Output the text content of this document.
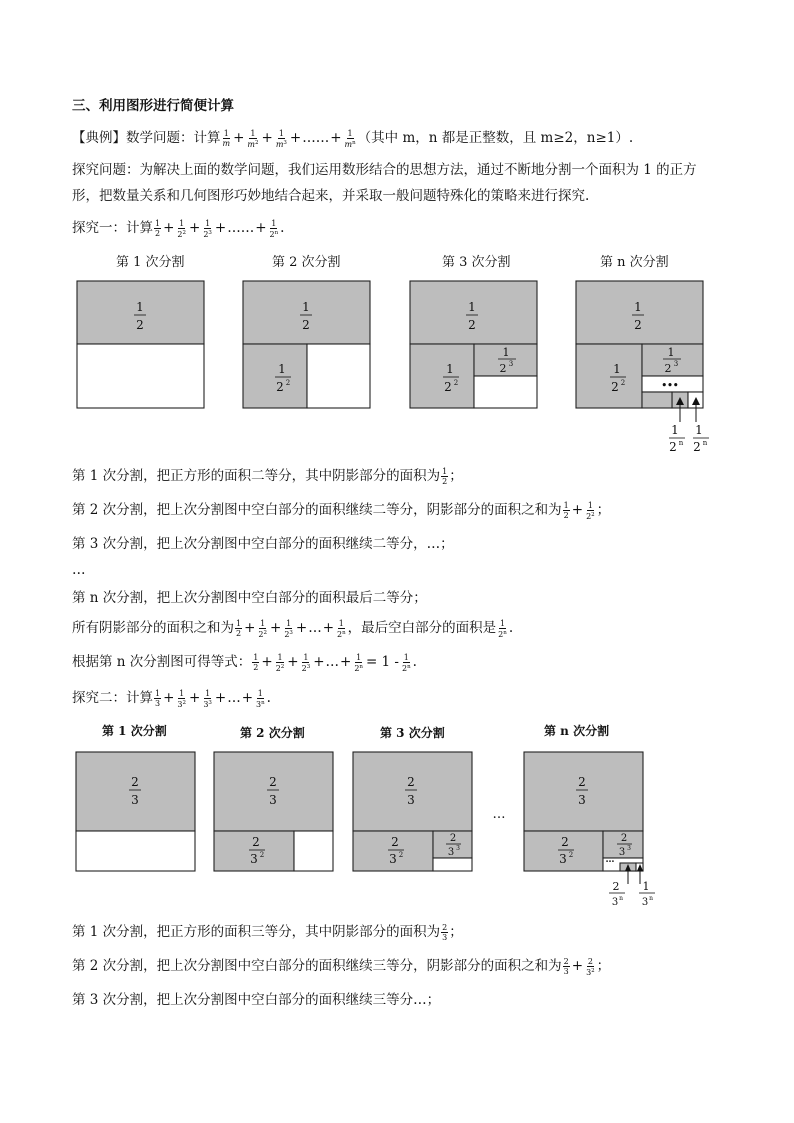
三、利用图形进行简便计算
【典例】数学问题：计算 $\frac{1}{m} + \frac{1}{m^2} + \frac{1}{m^3}$ +……+ $\frac{1}{m^n}$ （其中 m，n 都是正整数，且 m≥2，n≥1）.
探究问题：为解决上面的数学问题，我们运用数形结合的思想方法，通过不断地分割一个面积为 1 的正方
形，把数量关系和几何图形巧妙地结合起来，并采取一般问题特殊化的策略来进行探究.
探究一：计算 $\frac{1}{2} + \frac{1}{2^2} + \frac{1}{2^3}$ +……+ $\frac{1}{2^n}$ .
第 1 次分割	第 2 次分割	第 3 次分割	第 n 次分割
1
2
1
2
1
2 2
1
2
1
2 2
1
2 3
1
2
1
2 2
1
2 3
•••
1
2 n
1
2 n
第 1 次分割，把正方形的面积二等分，其中阴影部分的面积为 $\frac{1}{2}$ ；
第 2 次分割，把上次分割图中空白部分的面积继续二等分，阴影部分的面积之和为 $\frac{1}{2} + \frac{1}{2^2}$ ；
第 3 次分割，把上次分割图中空白部分的面积继续二等分，…；
…
第 n 次分割，把上次分割图中空白部分的面积最后二等分；
所有阴影部分的面积之和为 $\frac{1}{2} + \frac{1}{2^2} + \frac{1}{2^3}$ +…+ $\frac{1}{2^n}$ ，最后空白部分的面积是 $\frac{1}{2^n}$ .
根据第 n 次分割图可得等式： $\frac{1}{2} + \frac{1}{2^2} + \frac{1}{2^3}$ +…+ $\frac{1}{2^n} = 1 - \frac{1}{2^n}$ .
探究二：计算 $\frac{1}{3} + \frac{1}{3^2} + \frac{1}{3^3}$ +…+ $\frac{1}{3^n}$ .
第 1 次分割	第 2 次分割	第 3 次分割	第 n 次分割
2
3
2
3
2
3 2
2
3
2
3 2
2
3 3
…
2
3
2
3 2
2
3 3
…
2
3 n
1
3 n
第 1 次分割，把正方形的面积三等分，其中阴影部分的面积为 $\frac{2}{3}$ ；
第 2 次分割，把上次分割图中空白部分的面积继续三等分，阴影部分的面积之和为 $\frac{2}{3} + \frac{2}{3^2}$ ；
第 3 次分割，把上次分割图中空白部分的面积继续三等分…；
